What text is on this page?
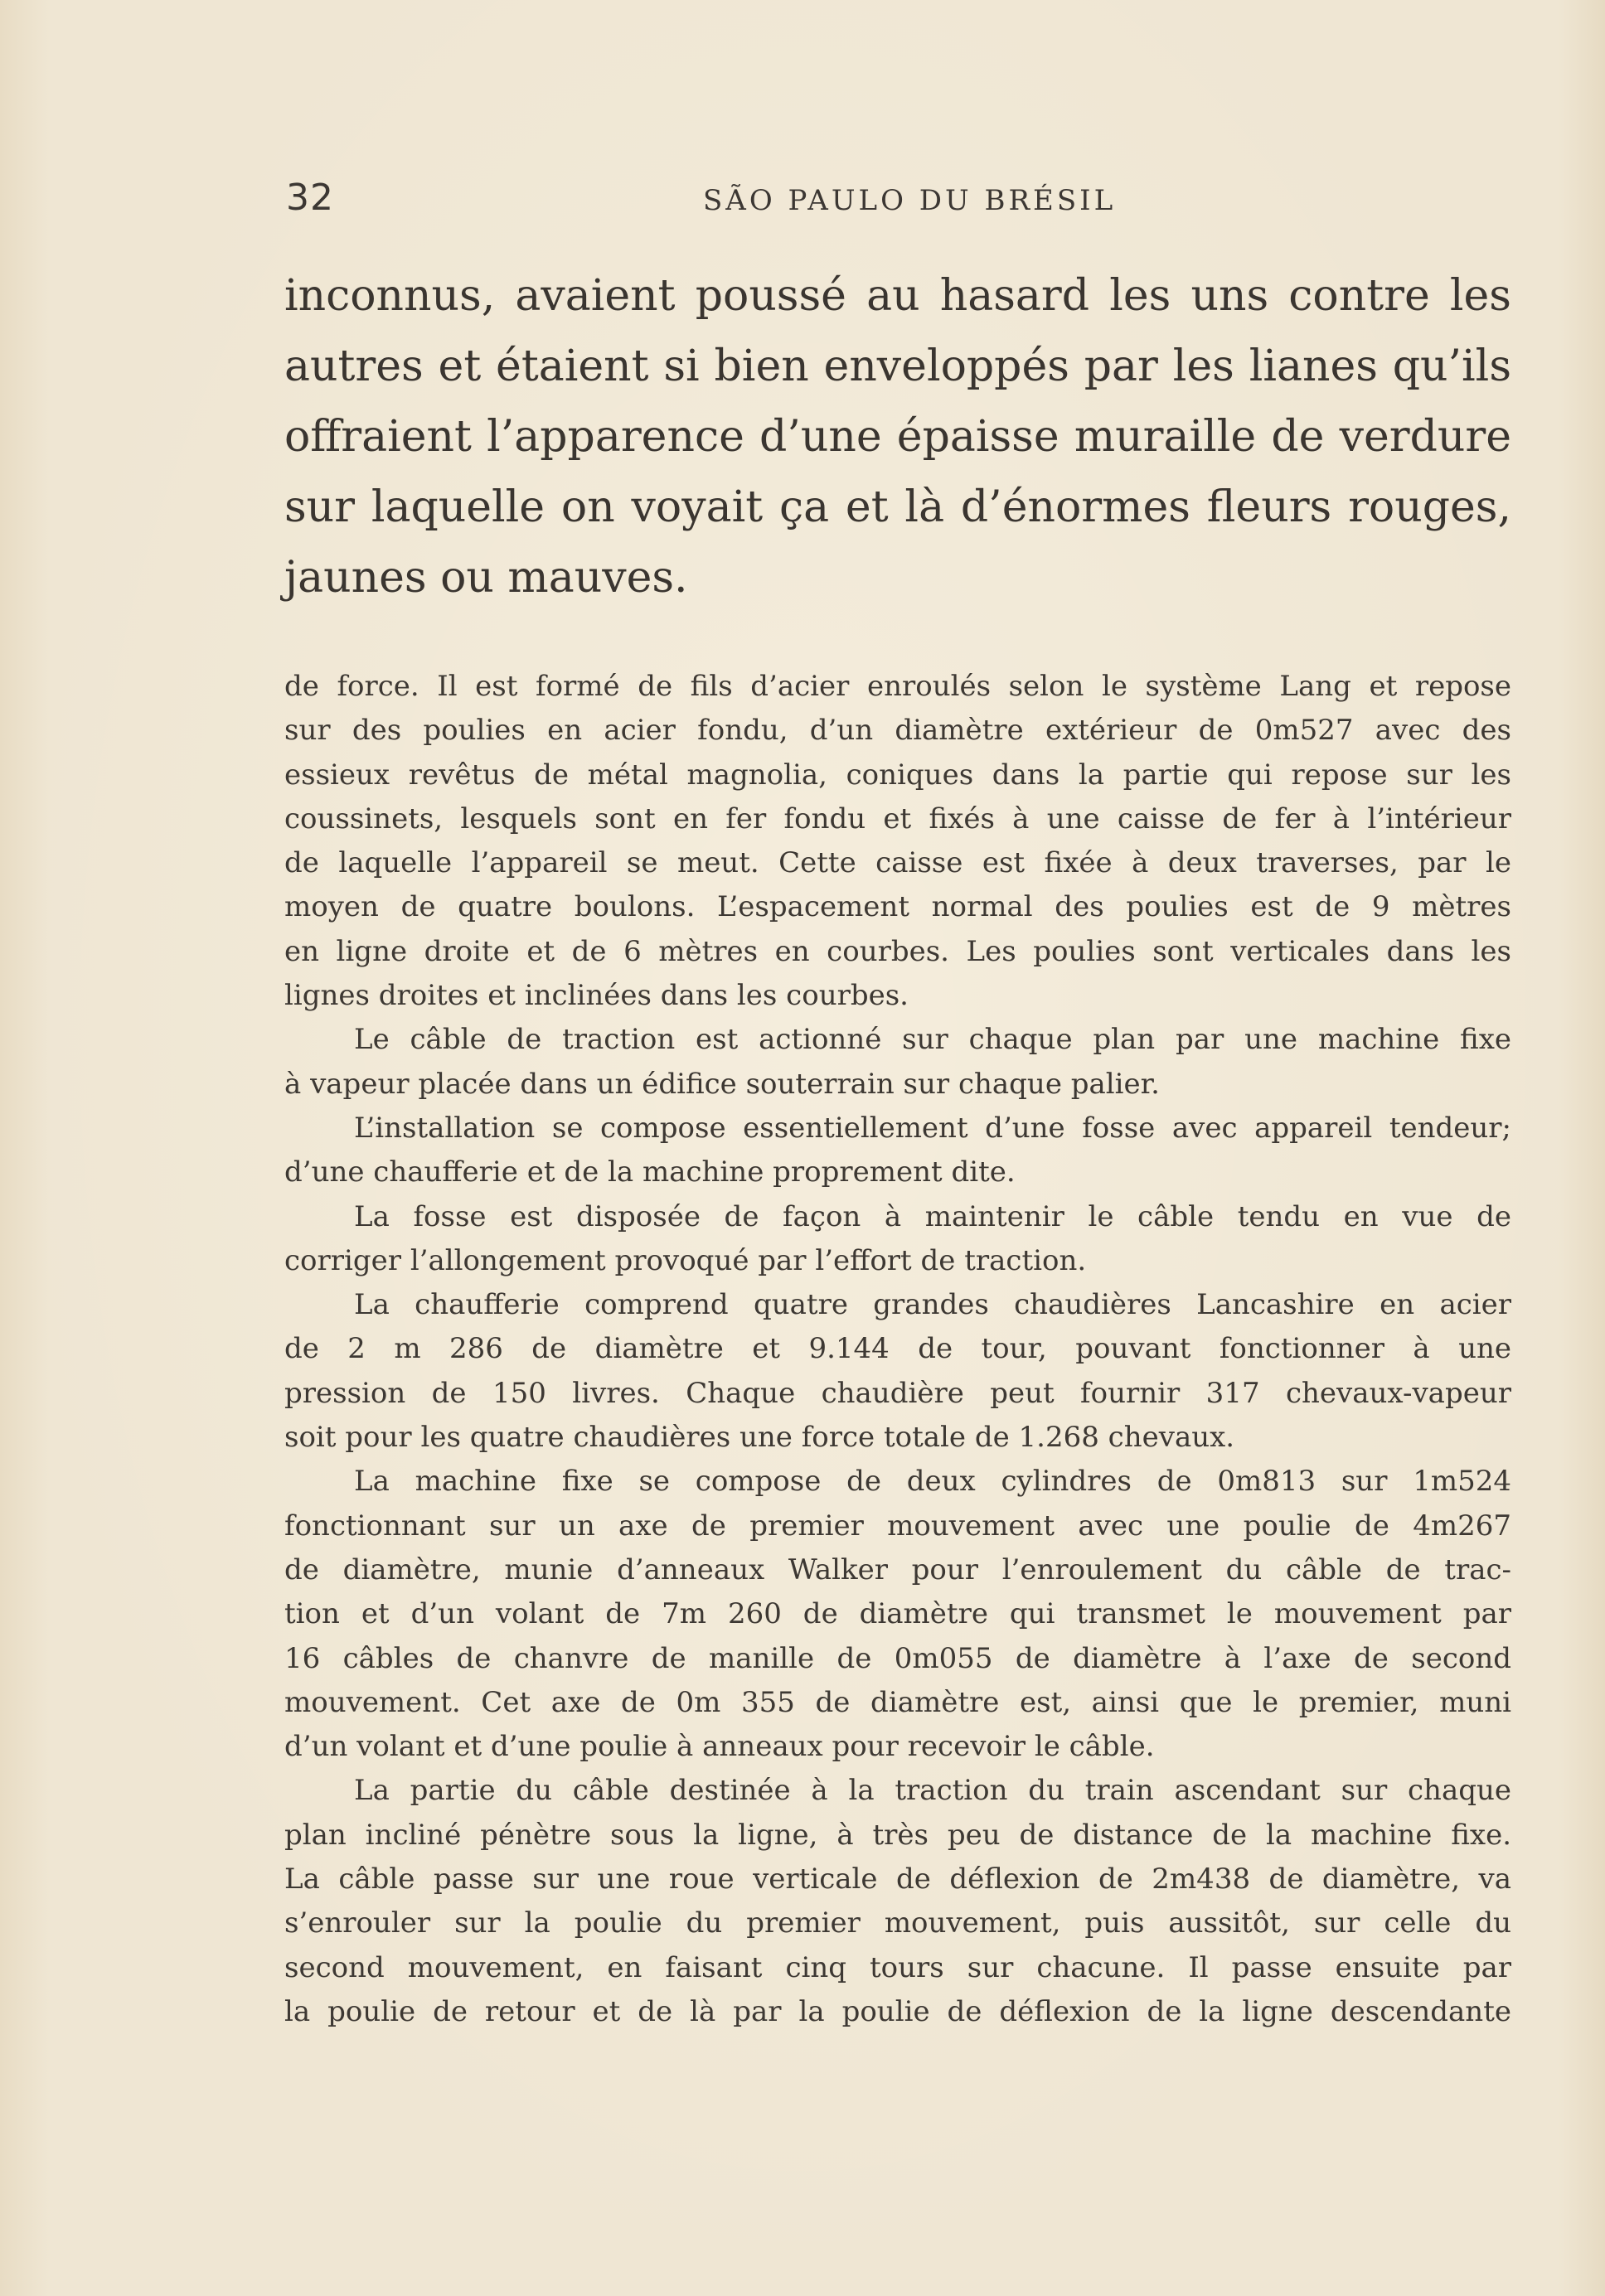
32	SÃO PAULO DU BRÉSIL
inconnus, avaient poussé au hasard les uns contre les
autres et étaient si bien enveloppés par les lianes qu’ils
offraient l’apparence d’une épaisse muraille de verdure
sur laquelle on voyait ça et là d’énormes fleurs rouges,
jaunes ou mauves.
de force. Il est formé de fils d’acier enroulés selon le système Lang et repose
sur des poulies en acier fondu, d’un diamètre extérieur de 0m527 avec des
essieux revêtus de métal magnolia, coniques dans la partie qui repose sur les
coussinets, lesquels sont en fer fondu et fixés à une caisse de fer à l’intérieur
de laquelle l’appareil se meut. Cette caisse est fixée à deux traverses, par le
moyen de quatre boulons. L’espacement normal des poulies est de 9 mètres
en ligne droite et de 6 mètres en courbes. Les poulies sont verticales dans les
lignes droites et inclinées dans les courbes.
Le câble de traction est actionné sur chaque plan par une machine fixe
à vapeur placée dans un édifice souterrain sur chaque palier.
L’installation se compose essentiellement d’une fosse avec appareil tendeur;
d’une chaufferie et de la machine proprement dite.
La fosse est disposée de façon à maintenir le câble tendu en vue de
corriger l’allongement provoqué par l’effort de traction.
La chaufferie comprend quatre grandes chaudières Lancashire en acier
de 2 m 286 de diamètre et 9.144 de tour, pouvant fonctionner à une
pression de 150 livres. Chaque chaudière peut fournir 317 chevaux-vapeur
soit pour les quatre chaudières une force totale de 1.268 chevaux.
La machine fixe se compose de deux cylindres de 0m813 sur 1m524
fonctionnant sur un axe de premier mouvement avec une poulie de 4m267
de diamètre, munie d’anneaux Walker pour l’enroulement du câble de trac-
tion et d’un volant de 7m 260 de diamètre qui transmet le mouvement par
16 câbles de chanvre de manille de 0m055 de diamètre à l’axe de second
mouvement. Cet axe de 0m 355 de diamètre est, ainsi que le premier, muni
d’un volant et d’une poulie à anneaux pour recevoir le câble.
La partie du câble destinée à la traction du train ascendant sur chaque
plan incliné pénètre sous la ligne, à très peu de distance de la machine fixe.
La câble passe sur une roue verticale de déflexion de 2m438 de diamètre, va
s’enrouler sur la poulie du premier mouvement, puis aussitôt, sur celle du
second mouvement, en faisant cinq tours sur chacune. Il passe ensuite par
la poulie de retour et de là par la poulie de déflexion de la ligne descendante
